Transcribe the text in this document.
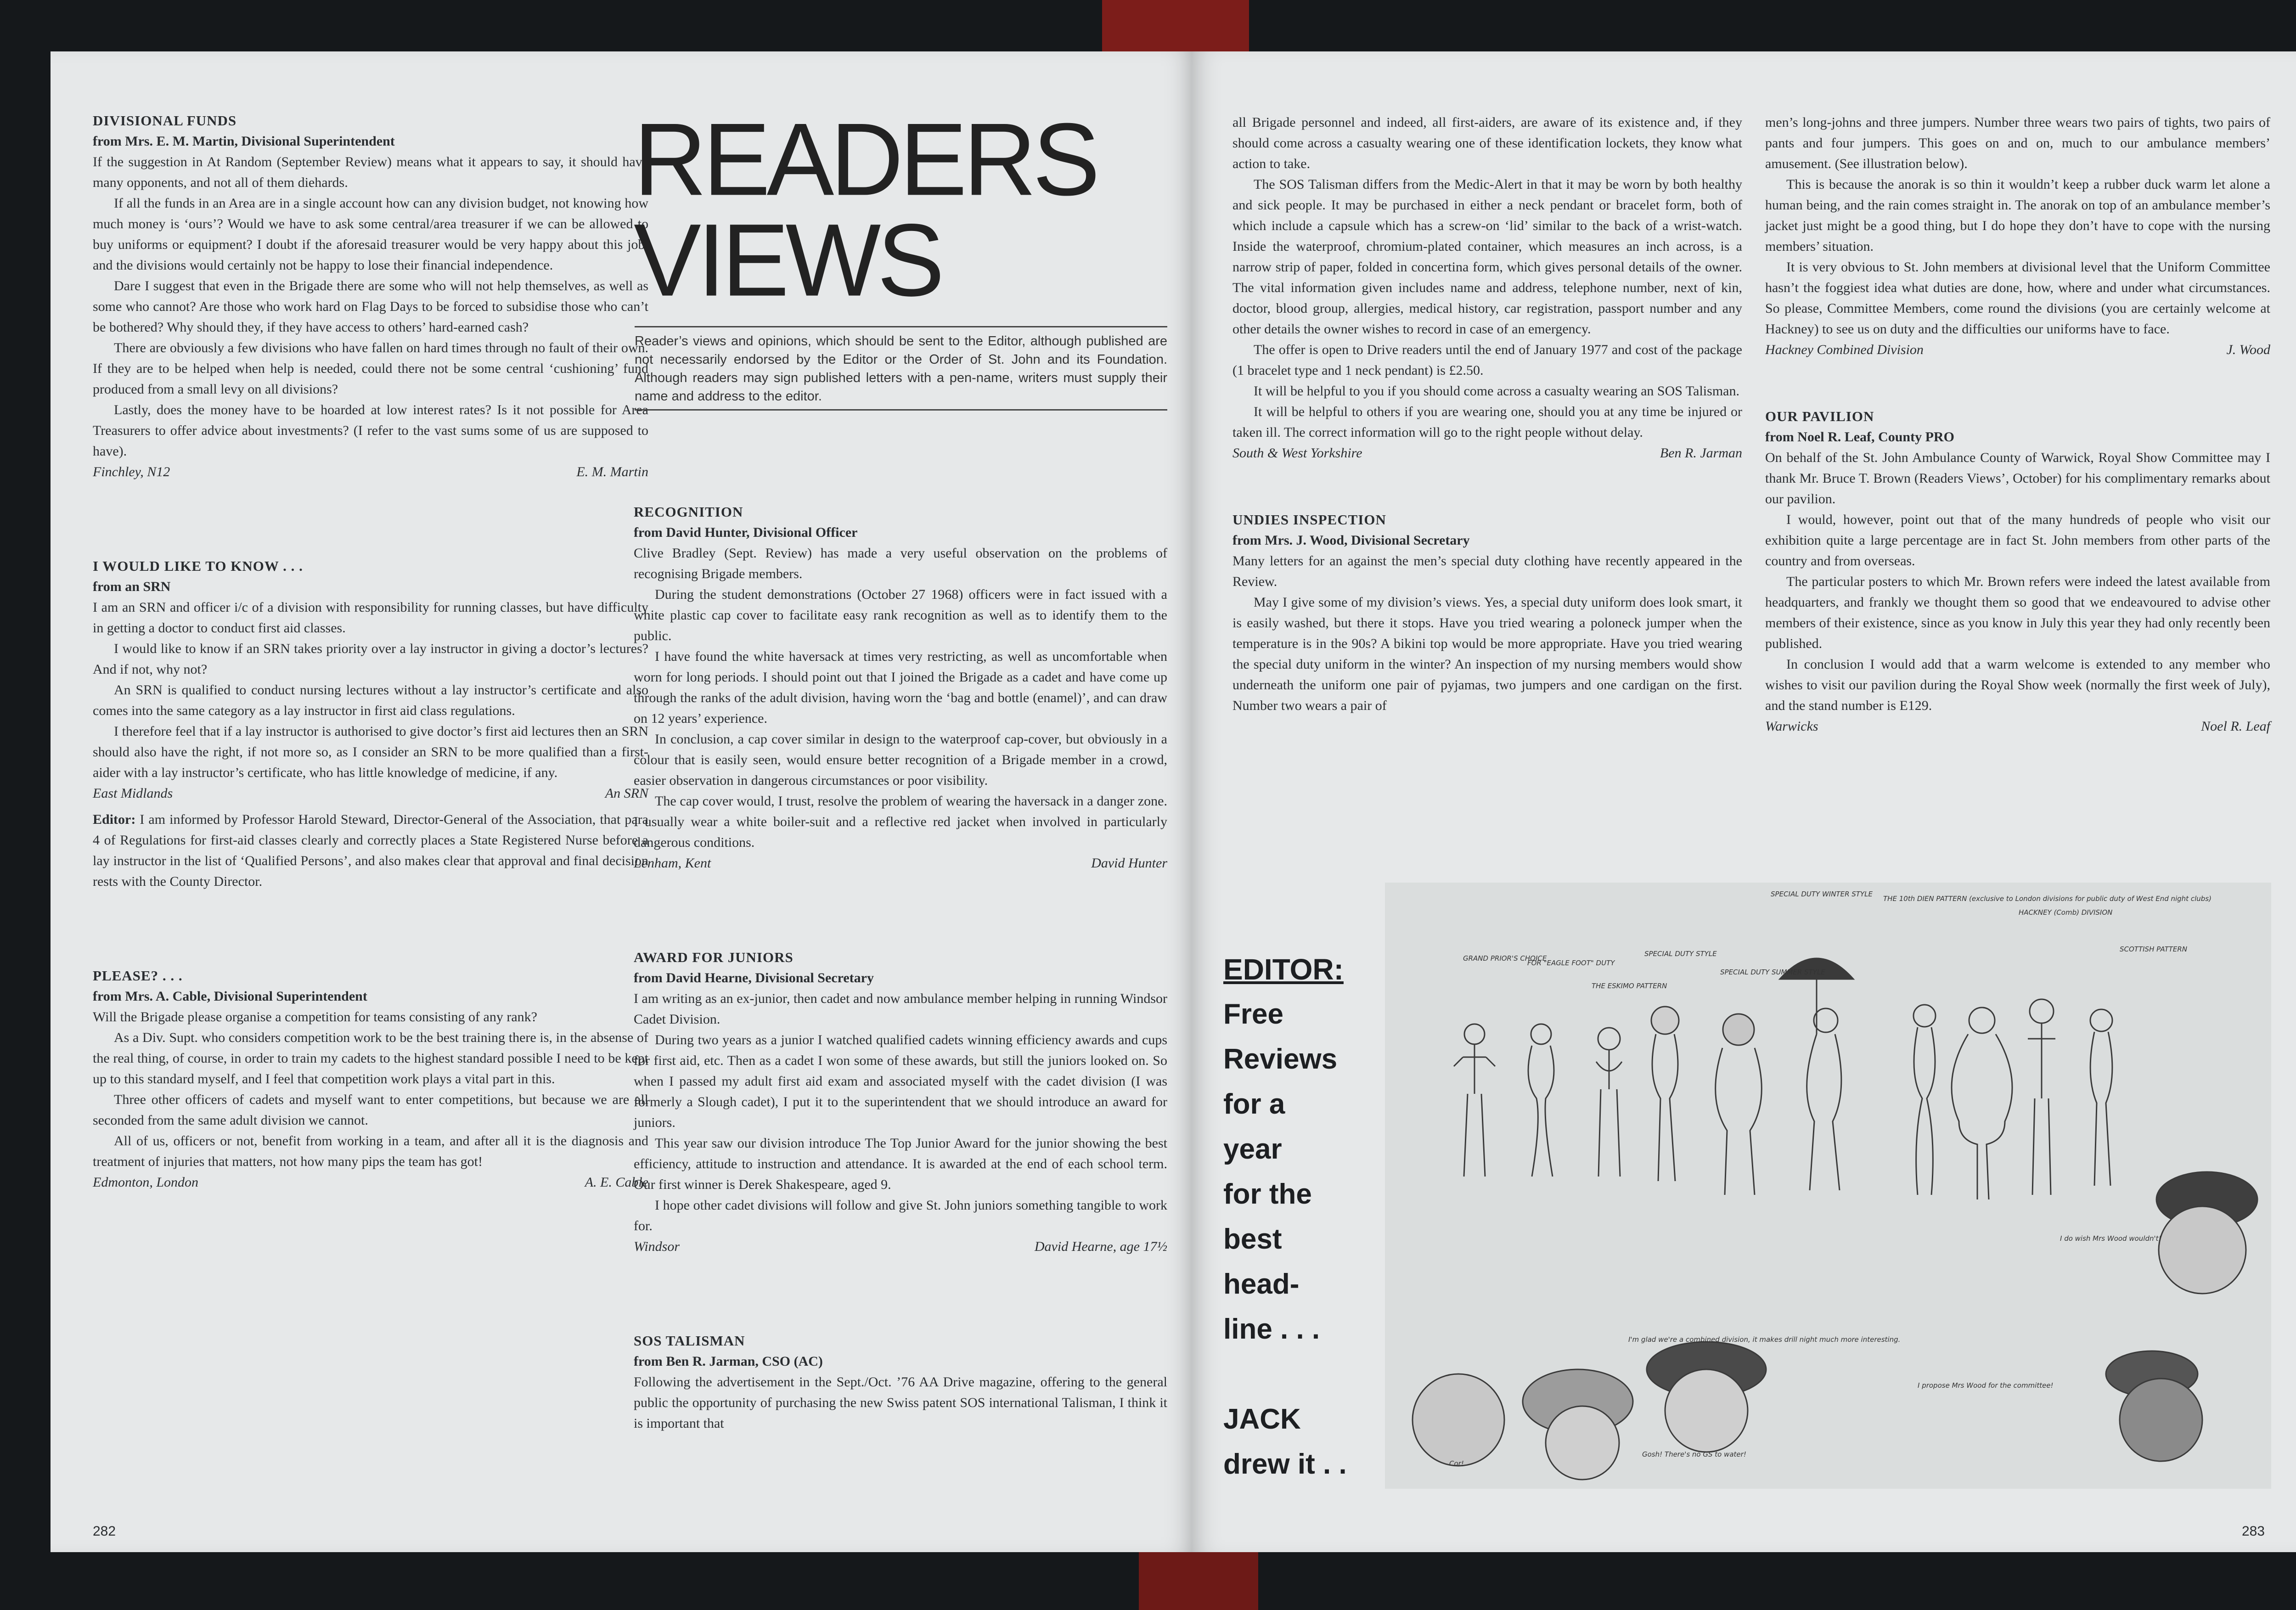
DIVISIONAL FUNDS
from Mrs. E. M. Martin, Divisional Superintendent

If the suggestion in At Random (September Review) means what it appears to say, it should have many opponents, and not all of them diehards.

If all the funds in an Area are in a single account how can any division budget, not knowing how much money is ‘ours’? Would we have to ask some central/area treasurer if we can be allowed to buy uniforms or equipment? I doubt if the aforesaid treasurer would be very happy about this job, and the divisions would certainly not be happy to lose their financial independence.

Dare I suggest that even in the Brigade there are some who will not help themselves, as well as some who cannot? Are those who work hard on Flag Days to be forced to subsidise those who can’t be bothered? Why should they, if they have access to others’ hard-earned cash?

There are obviously a few divisions who have fallen on hard times through no fault of their own. If they are to be helped when help is needed, could there not be some central ‘cushioning’ fund produced from a small levy on all divisions?

Lastly, does the money have to be hoarded at low interest rates? Is it not possible for Area Treasurers to offer advice about investments? (I refer to the vast sums some of us are supposed to have).

Finchley, N12	E. M. Martin
I WOULD LIKE TO KNOW . . .
from an SRN

I am an SRN and officer i/c of a division with responsibility for running classes, but have difficulty in getting a doctor to conduct first aid classes.

I would like to know if an SRN takes priority over a lay instructor in giving a doctor’s lectures? And if not, why not?

An SRN is qualified to conduct nursing lectures without a lay instructor’s certificate and also comes into the same category as a lay instructor in first aid class regulations.

I therefore feel that if a lay instructor is authorised to give doctor’s first aid lectures then an SRN should also have the right, if not more so, as I consider an SRN to be more qualified than a first-aider with a lay instructor’s certificate, who has little knowledge of medicine, if any.

East Midlands	An SRN

Editor: I am informed by Professor Harold Steward, Director-General of the Association, that para 4 of Regulations for first-aid classes clearly and correctly places a State Registered Nurse before a lay instructor in the list of ‘Qualified Persons’, and also makes clear that approval and final decision rests with the County Director.

PLEASE? . . .
from Mrs. A. Cable, Divisional Superintendent

Will the Brigade please organise a competition for teams consisting of any rank?

As a Div. Supt. who considers competition work to be the best training there is, in the absense of the real thing, of course, in order to train my cadets to the highest standard possible I need to be kept up to this standard myself, and I feel that competition work plays a vital part in this.

Three other officers of cadets and myself want to enter competitions, but because we are all seconded from the same adult division we cannot.

All of us, officers or not, benefit from working in a team, and after all it is the diagnosis and treatment of injuries that matters, not how many pips the team has got!

Edmonton, London	A. E. Cable
READERS
VIEWS
Reader’s views and opinions, which should be sent to the Editor, although published are not necessarily endorsed by the Editor or the Order of St. John and its Foundation. Although readers may sign published letters with a pen-name, writers must supply their name and address to the editor.
RECOGNITION
from David Hunter, Divisional Officer

Clive Bradley (Sept. Review) has made a very useful observation on the problems of recognising Brigade members.

During the student demonstrations (October 27 1968) officers were in fact issued with a white plastic cap cover to facilitate easy rank recognition as well as to identify them to the public.

I have found the white haversack at times very restricting, as well as uncomfortable when worn for long periods. I should point out that I joined the Brigade as a cadet and have come up through the ranks of the adult division, having worn the ‘bag and bottle (enamel)’, and can draw on 12 years’ experience.

In conclusion, a cap cover similar in design to the waterproof cap-cover, but obviously in a colour that is easily seen, would ensure better recognition of a Brigade member in a crowd, easier observation in dangerous circumstances or poor visibility.

The cap cover would, I trust, resolve the problem of wearing the haversack in a danger zone. I usually wear a white boiler-suit and a reflective red jacket when involved in particularly dangerous conditions.

Lenham, Kent	David Hunter
AWARD FOR JUNIORS
from David Hearne, Divisional Secretary

I am writing as an ex-junior, then cadet and now ambulance member helping in running Windsor Cadet Division.

During two years as a junior I watched qualified cadets winning efficiency awards and cups for first aid, etc. Then as a cadet I won some of these awards, but still the juniors looked on. So when I passed my adult first aid exam and associated myself with the cadet division (I was formerly a Slough cadet), I put it to the superintendent that we should introduce an award for juniors.

This year saw our division introduce The Top Junior Award for the junior showing the best efficiency, attitude to instruction and attendance. It is awarded at the end of each school term. Our first winner is Derek Shakespeare, aged 9.

I hope other cadet divisions will follow and give St. John juniors something tangible to work for.

Windsor	David Hearne, age 17½
SOS TALISMAN
from Ben R. Jarman, CSO (AC)

Following the advertisement in the Sept./Oct. ’76 AA Drive magazine, offering to the general public the opportunity of purchasing the new Swiss patent SOS international Talisman, I think it is important that

282

all Brigade personnel and indeed, all first-aiders, are aware of its existence and, if they should come across a casualty wearing one of these identification lockets, they know what action to take.

The SOS Talisman differs from the Medic-Alert in that it may be worn by both healthy and sick people. It may be purchased in either a neck pendant or bracelet form, both of which include a capsule which has a screw-on ‘lid’ similar to the back of a wrist-watch. Inside the waterproof, chromium-plated container, which measures an inch across, is a narrow strip of paper, folded in concertina form, which gives personal details of the owner. The vital information given includes name and address, telephone number, next of kin, doctor, blood group, allergies, medical history, car registration, passport number and any other details the owner wishes to record in case of an emergency.

The offer is open to Drive readers until the end of January 1977 and cost of the package (1 bracelet type and 1 neck pendant) is £2.50.

It will be helpful to you if you should come across a casualty wearing an SOS Talisman.

It will be helpful to others if you are wearing one, should you at any time be injured or taken ill. The correct information will go to the right people without delay.

South & West Yorkshire	Ben R. Jarman
UNDIES INSPECTION
from Mrs. J. Wood, Divisional Secretary

Many letters for an against the men’s special duty clothing have recently appeared in the Review.

May I give some of my division’s views. Yes, a special duty uniform does look smart, it is easily washed, but there it stops. Have you tried wearing a poloneck jumper when the temperature is in the 90s? A bikini top would be more appropriate. Have you tried wearing the special duty uniform in the winter? An inspection of my nursing members would show underneath the uniform one pair of pyjamas, two jumpers and one cardigan on the first. Number two wears a pair of

men’s long-johns and three jumpers. Number three wears two pairs of tights, two pairs of pants and four jumpers. This goes on and on, much to our ambulance members’ amusement. (See illustration below).

This is because the anorak is so thin it wouldn’t keep a rubber duck warm let alone a human being, and the rain comes straight in. The anorak on top of an ambulance member’s jacket just might be a good thing, but I do hope they don’t have to cope with the nursing members’ situation.

It is very obvious to St. John members at divisional level that the Uniform Committee hasn’t the foggiest idea what duties are done, how, where and under what circumstances. So please, Committee Members, come round the divisions (you are certainly welcome at Hackney) to see us on duty and the difficulties our uniforms have to face.

Hackney Combined Division	J. Wood
OUR PAVILION
from Noel R. Leaf, County PRO

On behalf of the St. John Ambulance County of Warwick, Royal Show Committee may I thank Mr. Bruce T. Brown (Readers Views’, October) for his complimentary remarks about our pavilion.

I would, however, point out that of the many hundreds of people who visit our exhibition quite a large percentage are in fact St. John members from other parts of the country and from overseas.

The particular posters to which Mr. Brown refers were indeed the latest available from headquarters, and frankly we thought them so good that we endeavoured to advise other members of their existence, since as you know in July this year they had only recently been published.

In conclusion I would add that a warm welcome is extended to any member who wishes to visit our pavilion during the Royal Show week (normally the first week of July), and the stand number is E129.

Warwicks	Noel R. Leaf
EDITOR:
Free
Reviews
for a
year
for the
best
head-
line . . .

JACK
drew it . .
GRAND PRIOR'S CHOICE
FOR "EAGLE FOOT" DUTY
THE ESKIMO PATTERN
SPECIAL DUTY STYLE
SPECIAL DUTY SUMMER STYLE
SPECIAL DUTY WINTER STYLE
THE 10th DIEN PATTERN (exclusive to London divisions for public duty of West End night clubs)
HACKNEY (Comb) DIVISION
SCOTTISH PATTERN
I do wish Mrs Wood wouldn't!
I'm glad we're a combined division, it makes drill night much more interesting.
Gosh! There's no GS to water!
Cor!
I propose Mrs Wood for the committee!
283
